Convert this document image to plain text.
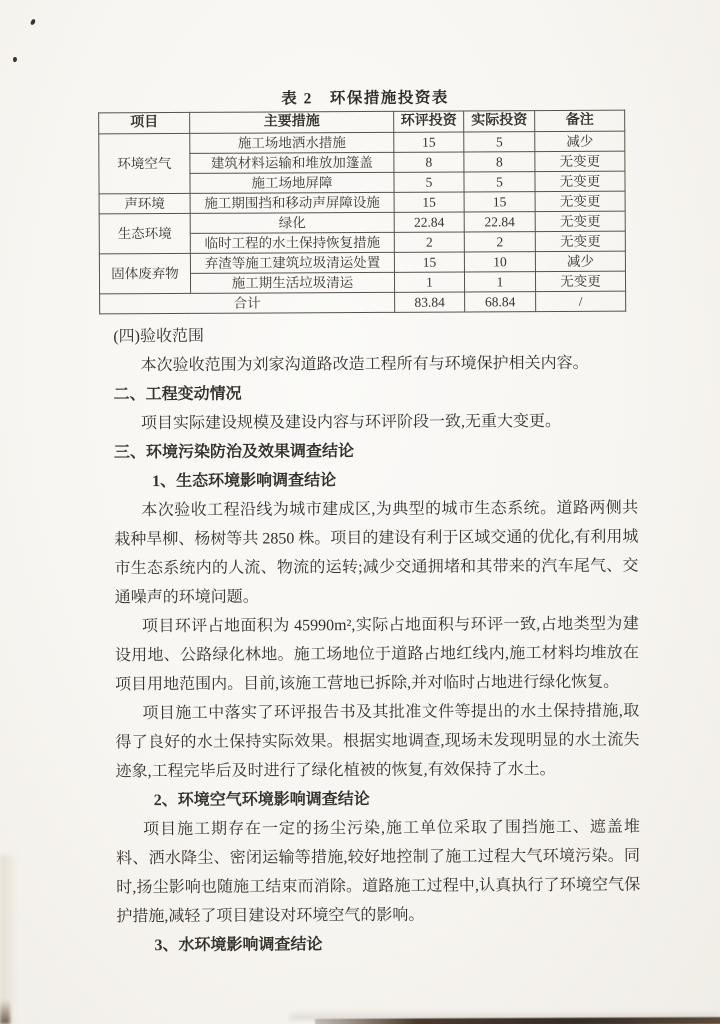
表 2　环保措施投资表
项目	主要措施	环评投资	实际投资	备注
环境空气	施工场地洒水措施	15	5	减少
	建筑材料运输和堆放加篷盖	8	8	无变更
	施工场地屏障	5	5	无变更
声环境	施工期围挡和移动声屏障设施	15	15	无变更
生态环境	绿化	22.84	22.84	无变更
	临时工程的水土保持恢复措施	2	2	无变更
固体废弃物	弃渣等施工建筑垃圾清运处置	15	10	减少
	施工期生活垃圾清运	1	1	无变更
合计		83.84	68.84	/

(四)验收范围

本次验收范围为刘家沟道路改造工程所有与环境保护相关内容。

二、工程变动情况

项目实际建设规模及建设内容与环评阶段一致,无重大变更。

三、环境污染防治及效果调查结论

1、生态环境影响调查结论

本次验收工程沿线为城市建成区,为典型的城市生态系统。道路两侧共栽种旱柳、杨树等共 2850 株。项目的建设有利于区域交通的优化,有利用城市生态系统内的人流、物流的运转;减少交通拥堵和其带来的汽车尾气、交通噪声的环境问题。

项目环评占地面积为 45990m²,实际占地面积与环评一致,占地类型为建设用地、公路绿化林地。施工场地位于道路占地红线内,施工材料均堆放在项目用地范围内。目前,该施工营地已拆除,并对临时占地进行绿化恢复。

项目施工中落实了环评报告书及其批准文件等提出的水土保持措施,取得了良好的水土保持实际效果。根据实地调查,现场未发现明显的水土流失迹象,工程完毕后及时进行了绿化植被的恢复,有效保持了水土。

2、环境空气环境影响调查结论

项目施工期存在一定的扬尘污染,施工单位采取了围挡施工、遮盖堆料、洒水降尘、密闭运输等措施,较好地控制了施工过程大气环境污染。同时,扬尘影响也随施工结束而消除。道路施工过程中,认真执行了环境空气保护措施,减轻了项目建设对环境空气的影响。

3、水环境影响调查结论
